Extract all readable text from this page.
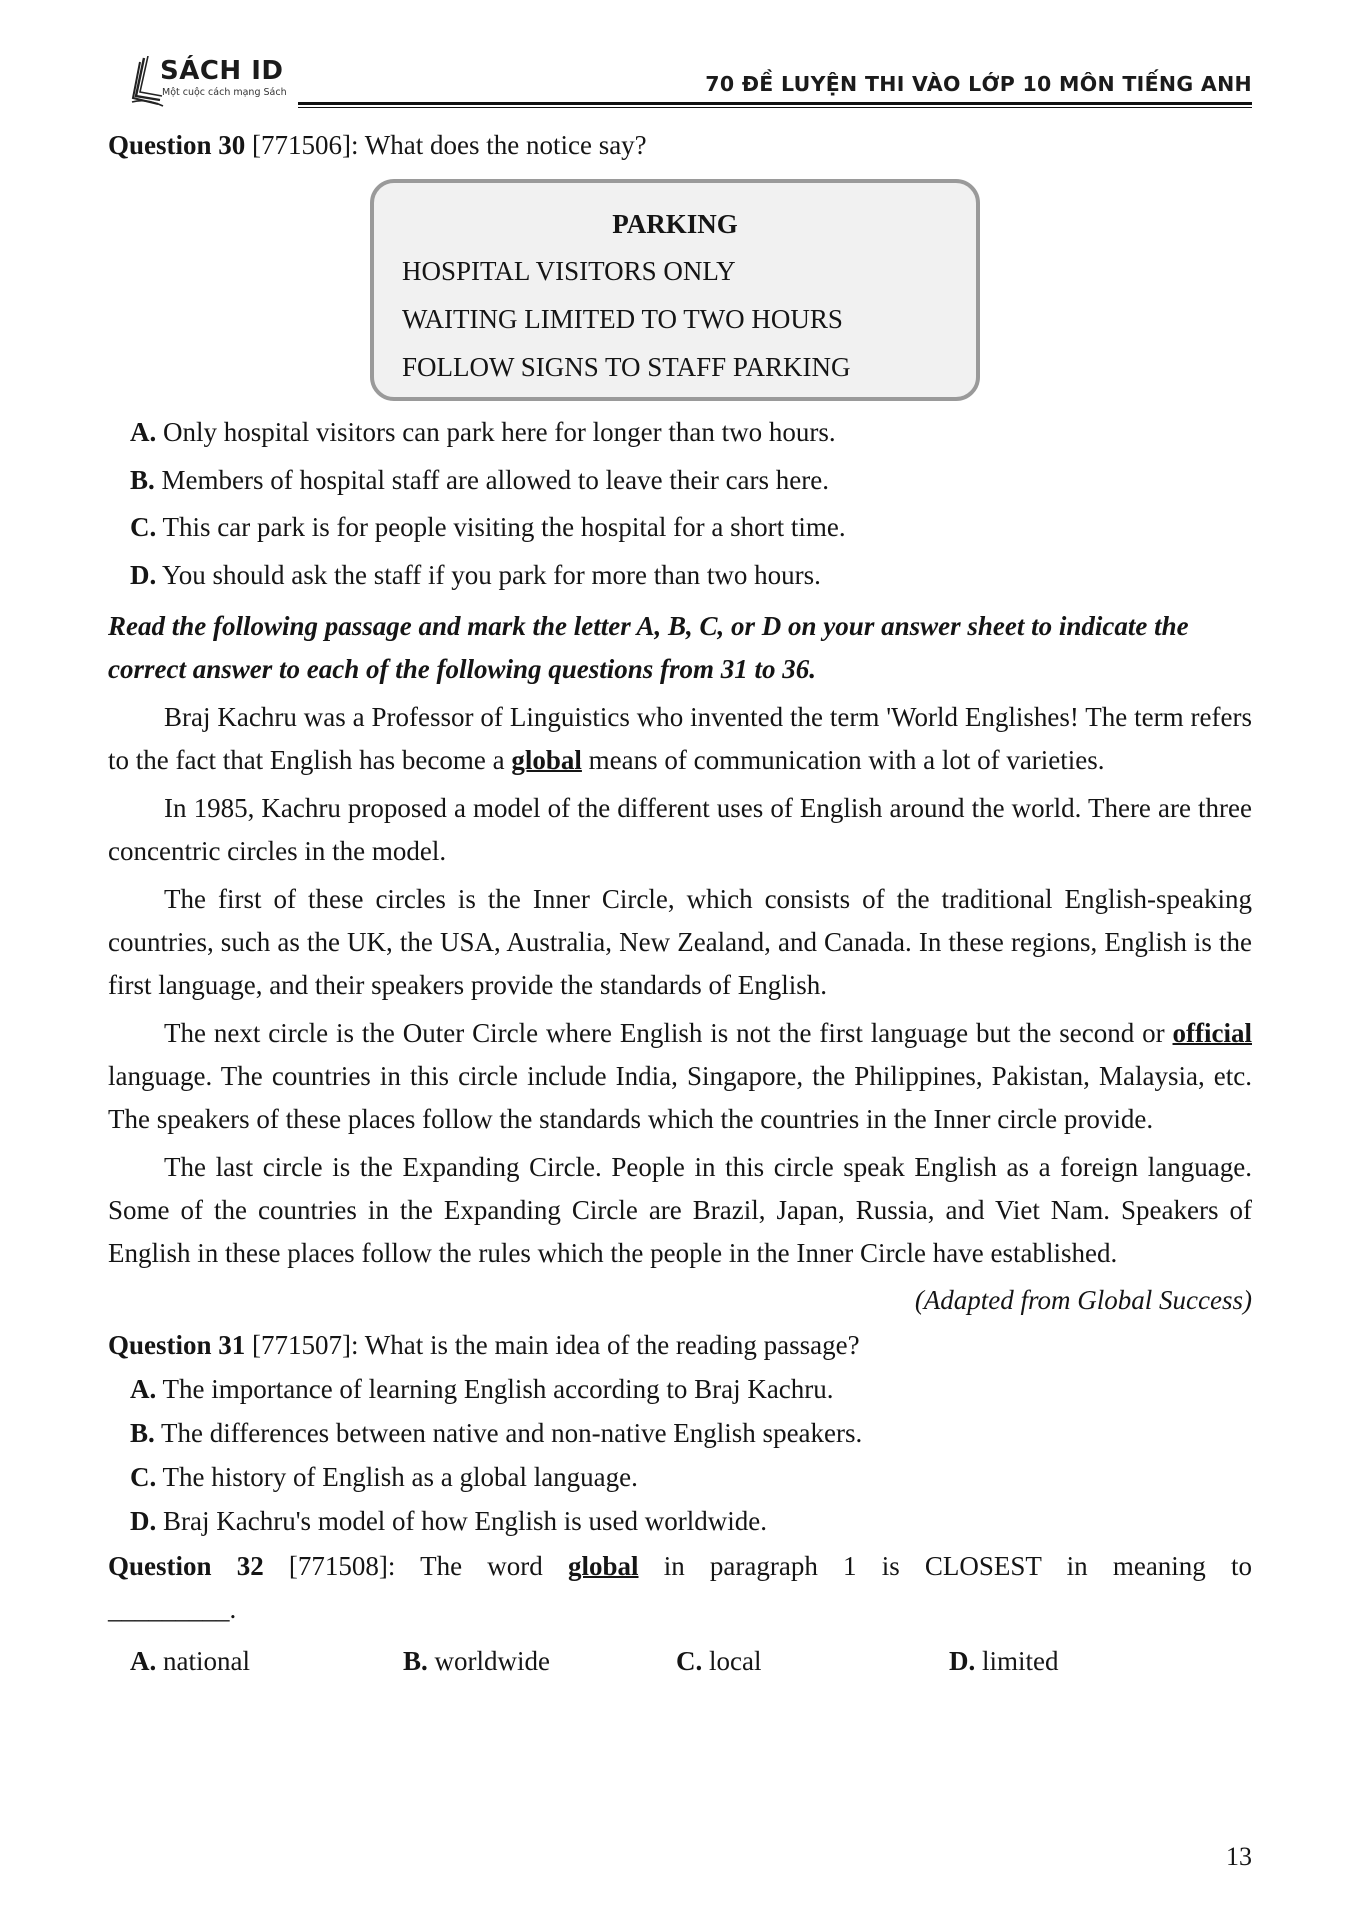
SÁCH ID
Một cuộc cách mạng Sách	70 ĐỀ LUYỆN THI VÀO LỚP 10 MÔN TIẾNG ANH
Question 30 [771506]: What does the notice say?
PARKING
HOSPITAL VISITORS ONLY
WAITING LIMITED TO TWO HOURS
FOLLOW SIGNS TO STAFF PARKING
A. Only hospital visitors can park here for longer than two hours.
B. Members of hospital staff are allowed to leave their cars here.
C. This car park is for people visiting the hospital for a short time.
D. You should ask the staff if you park for more than two hours.
Read the following passage and mark the letter A, B, C, or D on your answer sheet to indicate the correct answer to each of the following questions from 31 to 36.
Braj Kachru was a Professor of Linguistics who invented the term 'World Englishes! The term refers to the fact that English has become a global means of communication with a lot of varieties.
In 1985, Kachru proposed a model of the different uses of English around the world. There are three concentric circles in the model.
The first of these circles is the Inner Circle, which consists of the traditional English-speaking countries, such as the UK, the USA, Australia, New Zealand, and Canada. In these regions, English is the first language, and their speakers provide the standards of English.
The next circle is the Outer Circle where English is not the first language but the second or official language. The countries in this circle include India, Singapore, the Philippines, Pakistan, Malaysia, etc. The speakers of these places follow the standards which the countries in the Inner circle provide.
The last circle is the Expanding Circle. People in this circle speak English as a foreign language. Some of the countries in the Expanding Circle are Brazil, Japan, Russia, and Viet Nam. Speakers of English in these places follow the rules which the people in the Inner Circle have established.
(Adapted from Global Success)
Question 31 [771507]: What is the main idea of the reading passage?
A. The importance of learning English according to Braj Kachru.
B. The differences between native and non-native English speakers.
C. The history of English as a global language.
D. Braj Kachru's model of how English is used worldwide.
Question 32 [771508]: The word global in paragraph 1 is CLOSEST in meaning to
_________.
A. national	B. worldwide	C. local	D. limited
13
